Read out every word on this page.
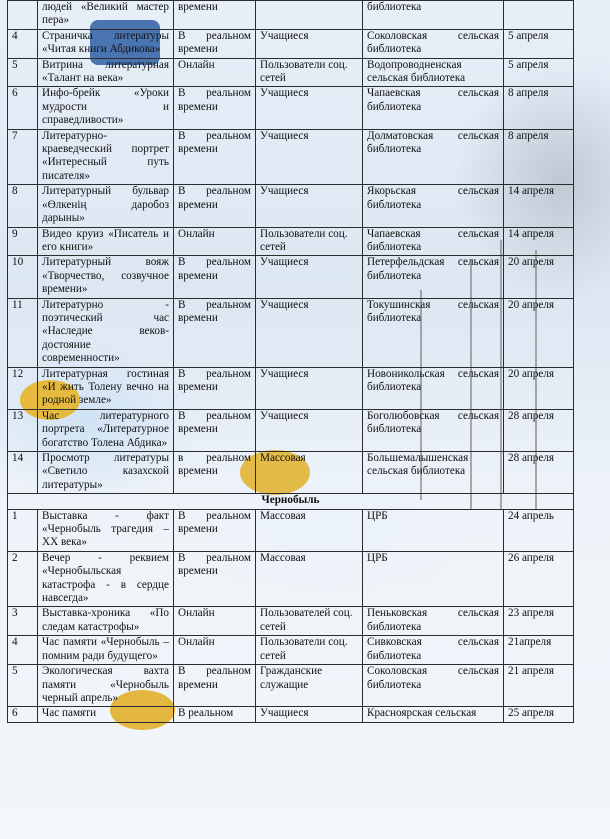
	людей «Великий мастер пера»	времени		библиотека	
4	Страничка литературы «Читая книги Абдикова»	В реальном времени	Учащиеся	Соколовская сельская библиотека	5 апреля
5	Витрина литературная «Талант на века»	Онлайн	Пользователи соц. сетей	Водопроводненская сельская библиотека	5 апреля
6	Инфо-брейк «Уроки мудрости и справедливости»	В реальном времени	Учащиеся	Чапаевская сельская библиотека	8 апреля
7	Литературно-краеведческий портрет «Интересный путь писателя»	В реальном времени	Учащиеся	Долматовская сельская библиотека	8 апреля
8	Литературный бульвар «Өлкенің даробоз дарыны»	В реальном времени	Учащиеся	Якорьская сельская библиотека	14 апреля
9	Видео круиз «Писатель и его книги»	Онлайн	Пользователи соц. сетей	Чапаевская сельская библиотека	14 апреля
10	Литературный вояж «Творчество, созвучное времени»	В реальном времени	Учащиеся	Петерфельдская сельская библиотека	20 апреля
11	Литературно - поэтический час «Наследие веков-достояние современности»	В реальном времени	Учащиеся	Токушинская сельская библиотека	20 апреля
12	Литературная гостиная «И жить Толену вечно на родной земле»	В реальном времени	Учащиеся	Новоникольская сельская библиотека	20 апреля
13	Час литературного портрета «Литературное богатство Толена Абдика»	В реальном времени	Учащиеся	Боголюбовская сельская библиотека	28 апреля
14	Просмотр литературы «Светило казахской литературы»	в реальном времени	Массовая	Большемалышенская сельская библиотека	28 апреля
Чернобыль					
1	Выставка - факт «Чернобыль трагедия – XX века»	В реальном времени	Массовая	ЦРБ	24 апрель
2	Вечер - реквием «Чернобыльская катастрофа - в сердце навсегда»	В реальном времени	Массовая	ЦРБ	26 апреля
3	Выставка-хроника «По следам катастрофы»	Онлайн	Пользователей соц. сетей	Пеньковская сельская библиотека	23 апреля
4	Час памяти «Чернобыль – помним ради будущего»	Онлайн	Пользователи соц. сетей	Сивковская сельская библиотека	21апреля
5	Экологическая вахта памяти «Чернобыль черный апрель»	В реальном времени	Гражданские служащие	Соколовская сельская библиотека	21 апреля
6	Час памяти	В реальном	Учащиеся	Красноярская сельская	25 апреля
